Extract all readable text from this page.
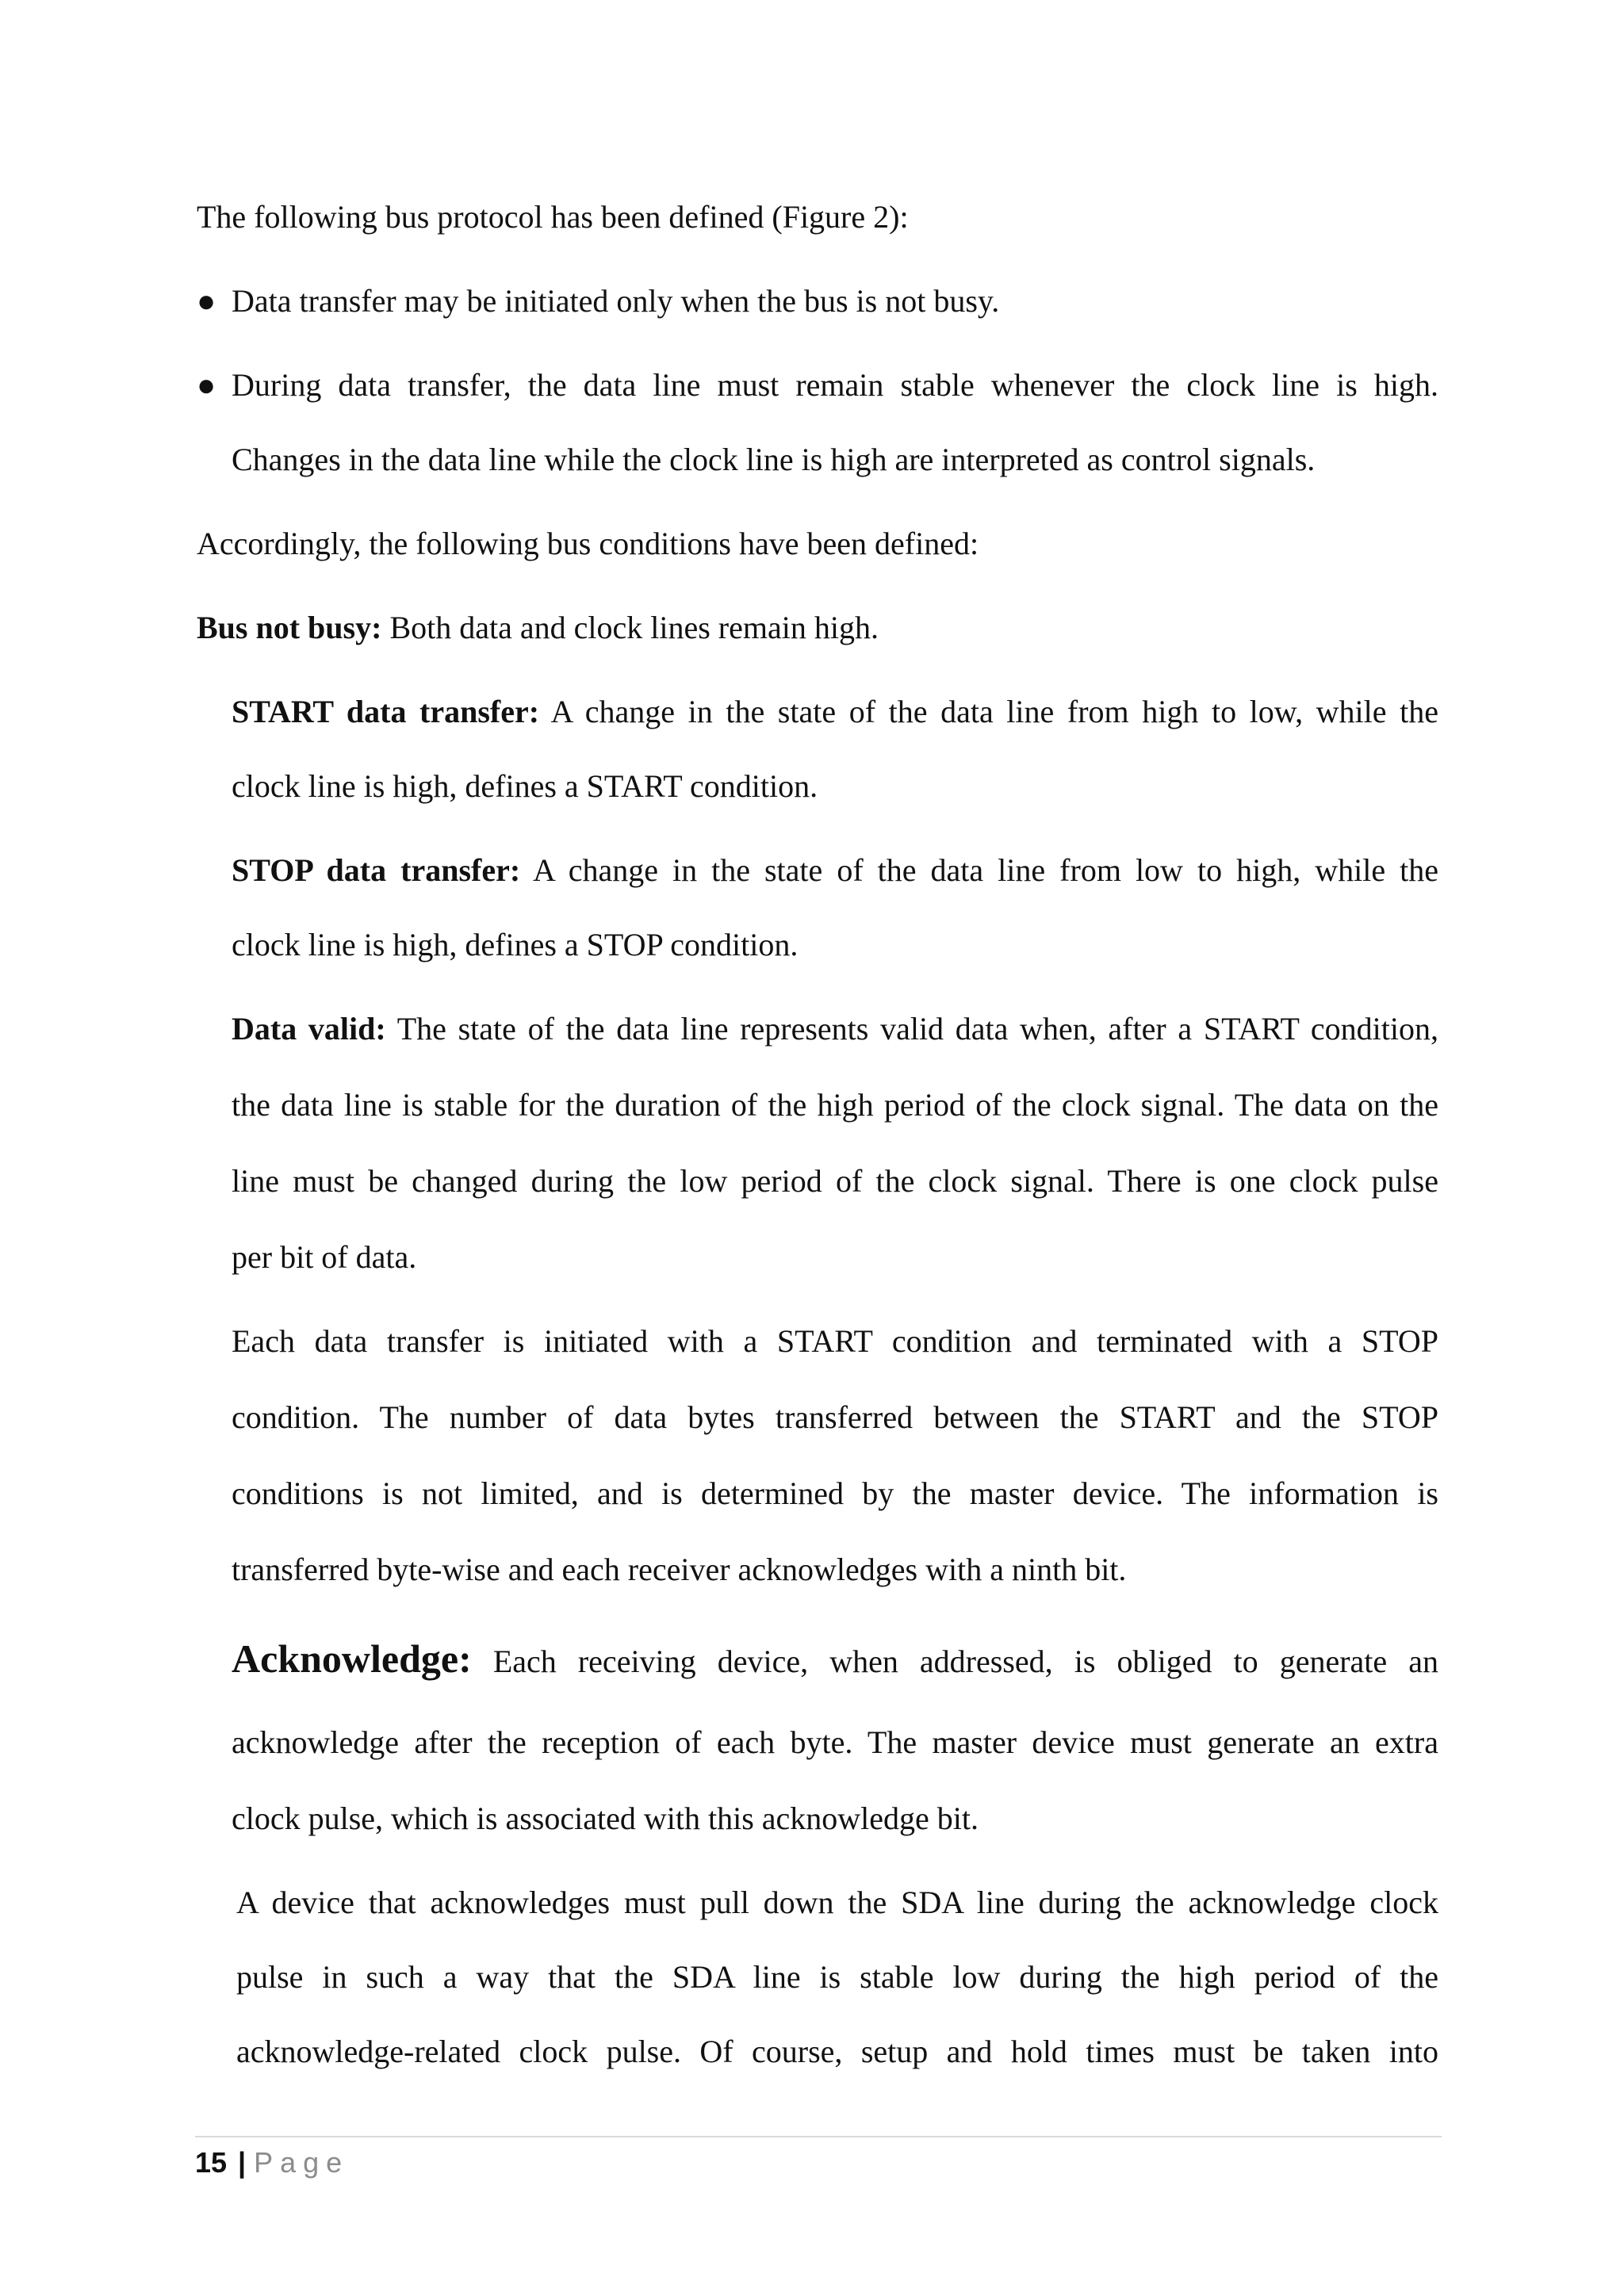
The following bus protocol has been defined (Figure 2):
● Data transfer may be initiated only when the bus is not busy.
● During data transfer, the data line must remain stable whenever the clock line is high.
Changes in the data line while the clock line is high are interpreted as control signals.
Accordingly, the following bus conditions have been defined:
Bus not busy: Both data and clock lines remain high.
START data transfer: A change in the state of the data line from high to low, while the
clock line is high, defines a START condition.
STOP data transfer: A change in the state of the data line from low to high, while the
clock line is high, defines a STOP condition.
Data valid: The state of the data line represents valid data when, after a START condition,
the data line is stable for the duration of the high period of the clock signal. The data on the
line must be changed during the low period of the clock signal. There is one clock pulse
per bit of data.
Each data transfer is initiated with a START condition and terminated with a STOP
condition. The number of data bytes transferred between the START and the STOP
conditions is not limited, and is determined by the master device. The information is
transferred byte-wise and each receiver acknowledges with a ninth bit.
Acknowledge: Each receiving device, when addressed, is obliged to generate an
acknowledge after the reception of each byte. The master device must generate an extra
clock pulse, which is associated with this acknowledge bit.
A device that acknowledges must pull down the SDA line during the acknowledge clock
pulse in such a way that the SDA line is stable low during the high period of the
acknowledge-related clock pulse. Of course, setup and hold times must be taken into
15 | Page
